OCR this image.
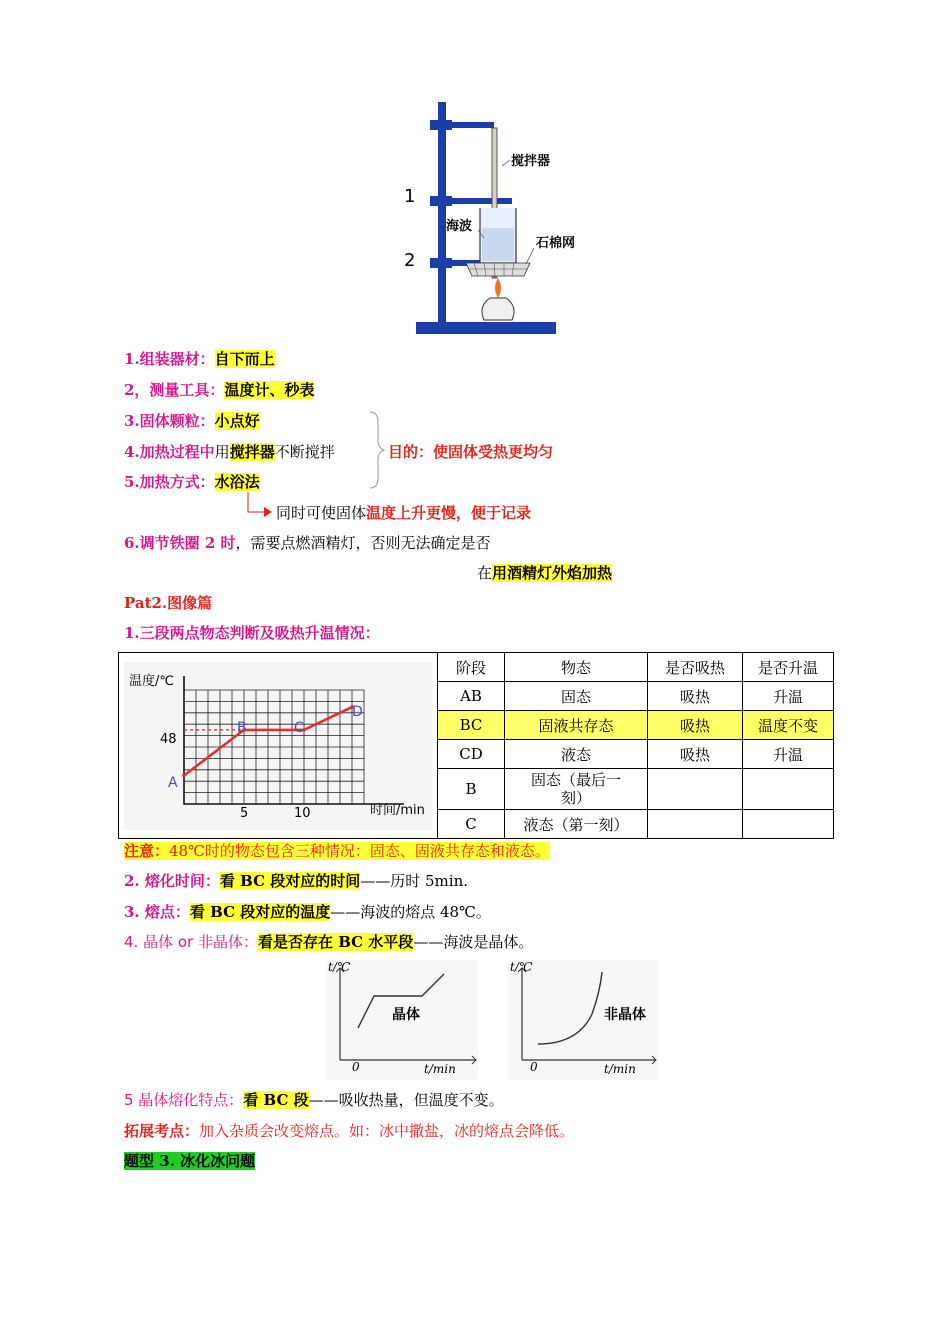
搅拌器
海波
石棉网
1
2
1.组装器材：自下而上
2，测量工具：温度计、秒表
3.固体颗粒：小点好
4.加热过程中用搅拌器不断搅拌
5.加热方式：水浴法
目的：使固体受热更均匀
同时可使固体温度上升更慢，便于记录
6.调节铁圈 2 时，需要点燃酒精灯，否则无法确定是否
在用酒精灯外焰加热
Pat2.图像篇
1.三段两点物态判断及吸热升温情况：
温度/℃
时间/min
48
5	10
A
B	C
D
阶段	物态	是否吸热	是否升温
AB	固态	吸热	升温
BC	固液共存态	吸热	温度不变
CD	液态	吸热	升温
B	固态（最后一刻）		
C	液态（第一刻）		
注意：48℃时的物态包含三种情况：固态、固液共存态和液态。
2. 熔化时间：看 BC 段对应的时间——历时 5min.
3. 熔点：看 BC 段对应的温度——海波的熔点 48℃。
4. 晶体 or 非晶体：看是否存在 BC 水平段——海波是晶体。
t/℃
t/min
0
晶体
t/℃
t/min
0
非晶体
5 晶体熔化特点：看 BC 段——吸收热量，但温度不变。
拓展考点：加入杂质会改变熔点。如：冰中撒盐，冰的熔点会降低。
题型 3. 冰化冰问题
